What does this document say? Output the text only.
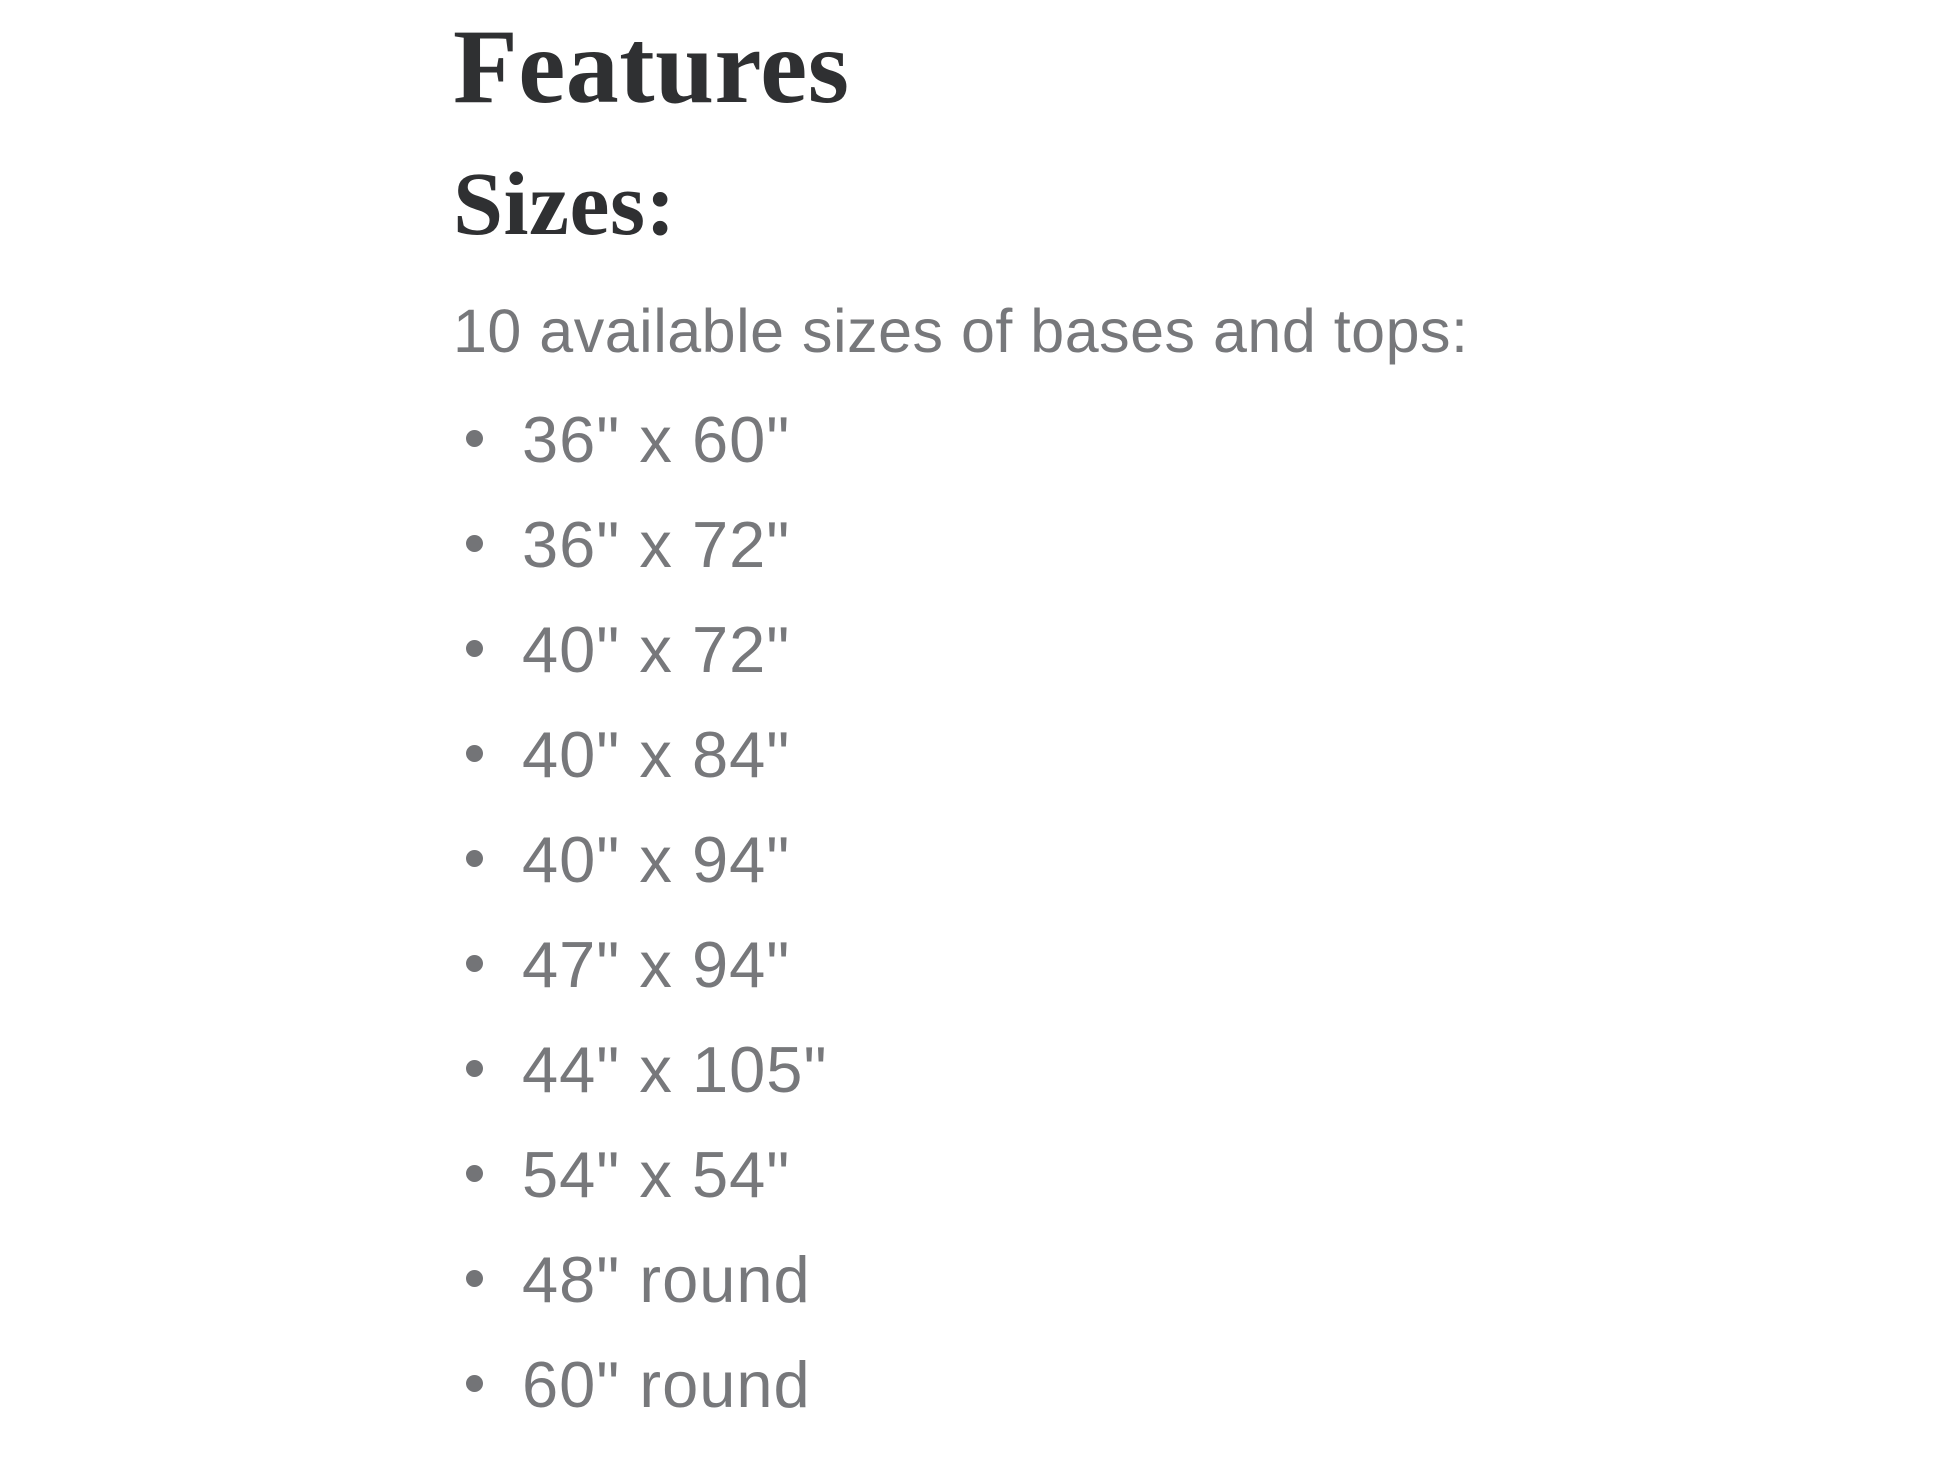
Features
Sizes:

10 available sizes of bases and tops:

36" x 60"
36" x 72"
40" x 72"
40" x 84"
40" x 94"
47" x 94"
44" x 105"
54" x 54"
48" round
60" round
